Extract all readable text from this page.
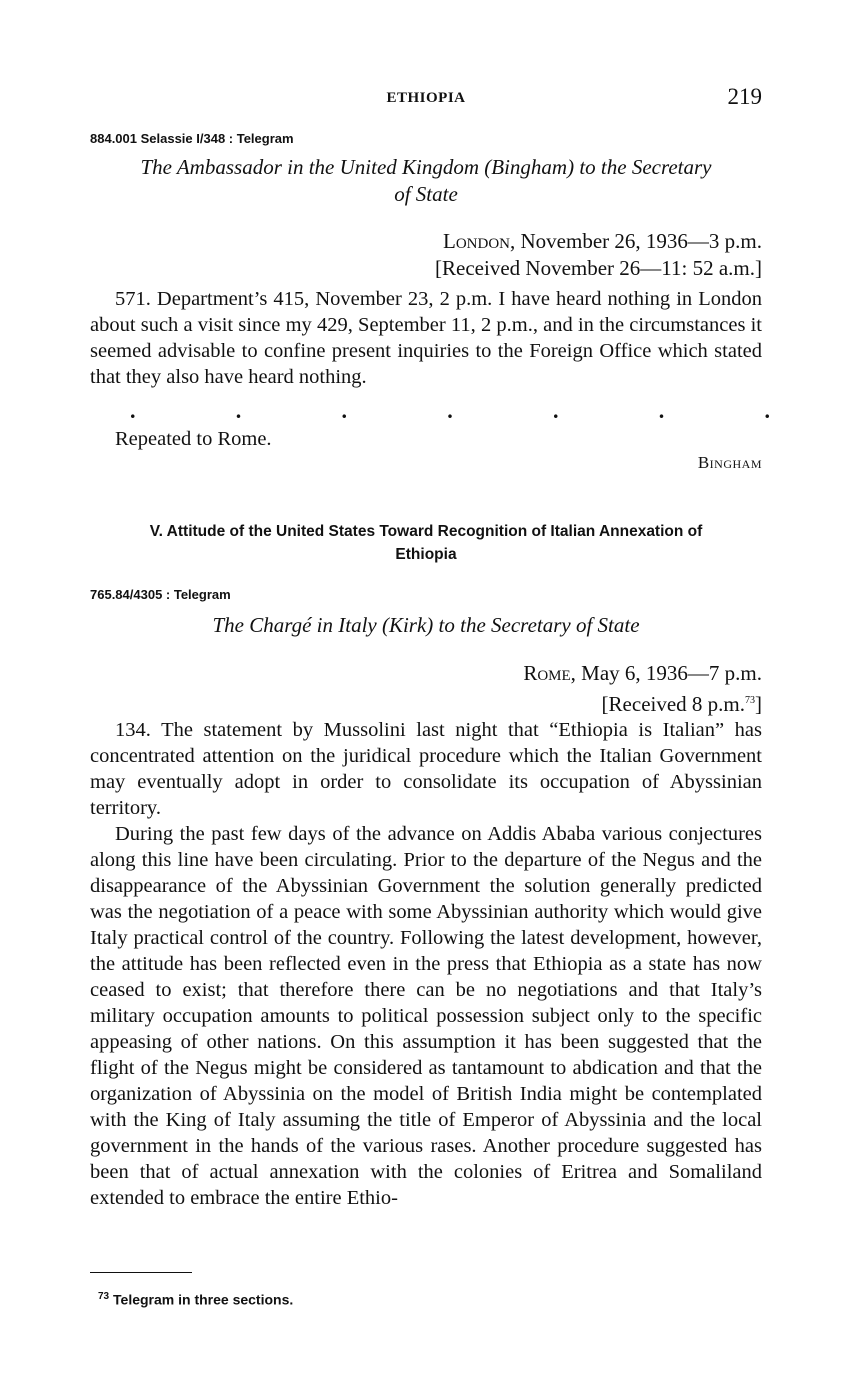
ETHIOPIA	219
884.001 Selassie I/348 : Telegram
The Ambassador in the United Kingdom (Bingham) to the Secretary
of State
London, November 26, 1936—3 p.m.
[Received November 26—11: 52 a.m.]

571. Department’s 415, November 23, 2 p.m. I have heard nothing in London about such a visit since my 429, September 11, 2 p.m., and in the circumstances it seemed advisable to confine present inquiries to the Foreign Office which stated that they also have heard nothing.

.	.	.	.	.	.	.

Repeated to Rome.

Bingham
V. Attitude of the United States Toward Recognition of Italian Annexation of
Ethiopia
765.84/4305 : Telegram
The Chargé in Italy (Kirk) to the Secretary of State
Rome, May 6, 1936—7 p.m.
[Received 8 p.m.$^{73}$]

134. The statement by Mussolini last night that “Ethiopia is Italian” has concentrated attention on the juridical procedure which the Italian Government may eventually adopt in order to consolidate its occupation of Abyssinian territory.

During the past few days of the advance on Addis Ababa various conjectures along this line have been circulating. Prior to the departure of the Negus and the disappearance of the Abyssinian Government the solution generally predicted was the negotiation of a peace with some Abyssinian authority which would give Italy practical control of the country. Following the latest development, however, the attitude has been reflected even in the press that Ethiopia as a state has now ceased to exist; that therefore there can be no negotiations and that Italy’s military occupation amounts to political possession subject only to the specific appeasing of other nations. On this assumption it has been suggested that the flight of the Negus might be considered as tantamount to abdication and that the organization of Abyssinia on the model of British India might be contemplated with the King of Italy assuming the title of Emperor of Abyssinia and the local government in the hands of the various rases. Another procedure suggested has been that of actual annexation with the colonies of Eritrea and Somaliland extended to embrace the entire Ethio-

$^{73}$ Telegram in three sections.
